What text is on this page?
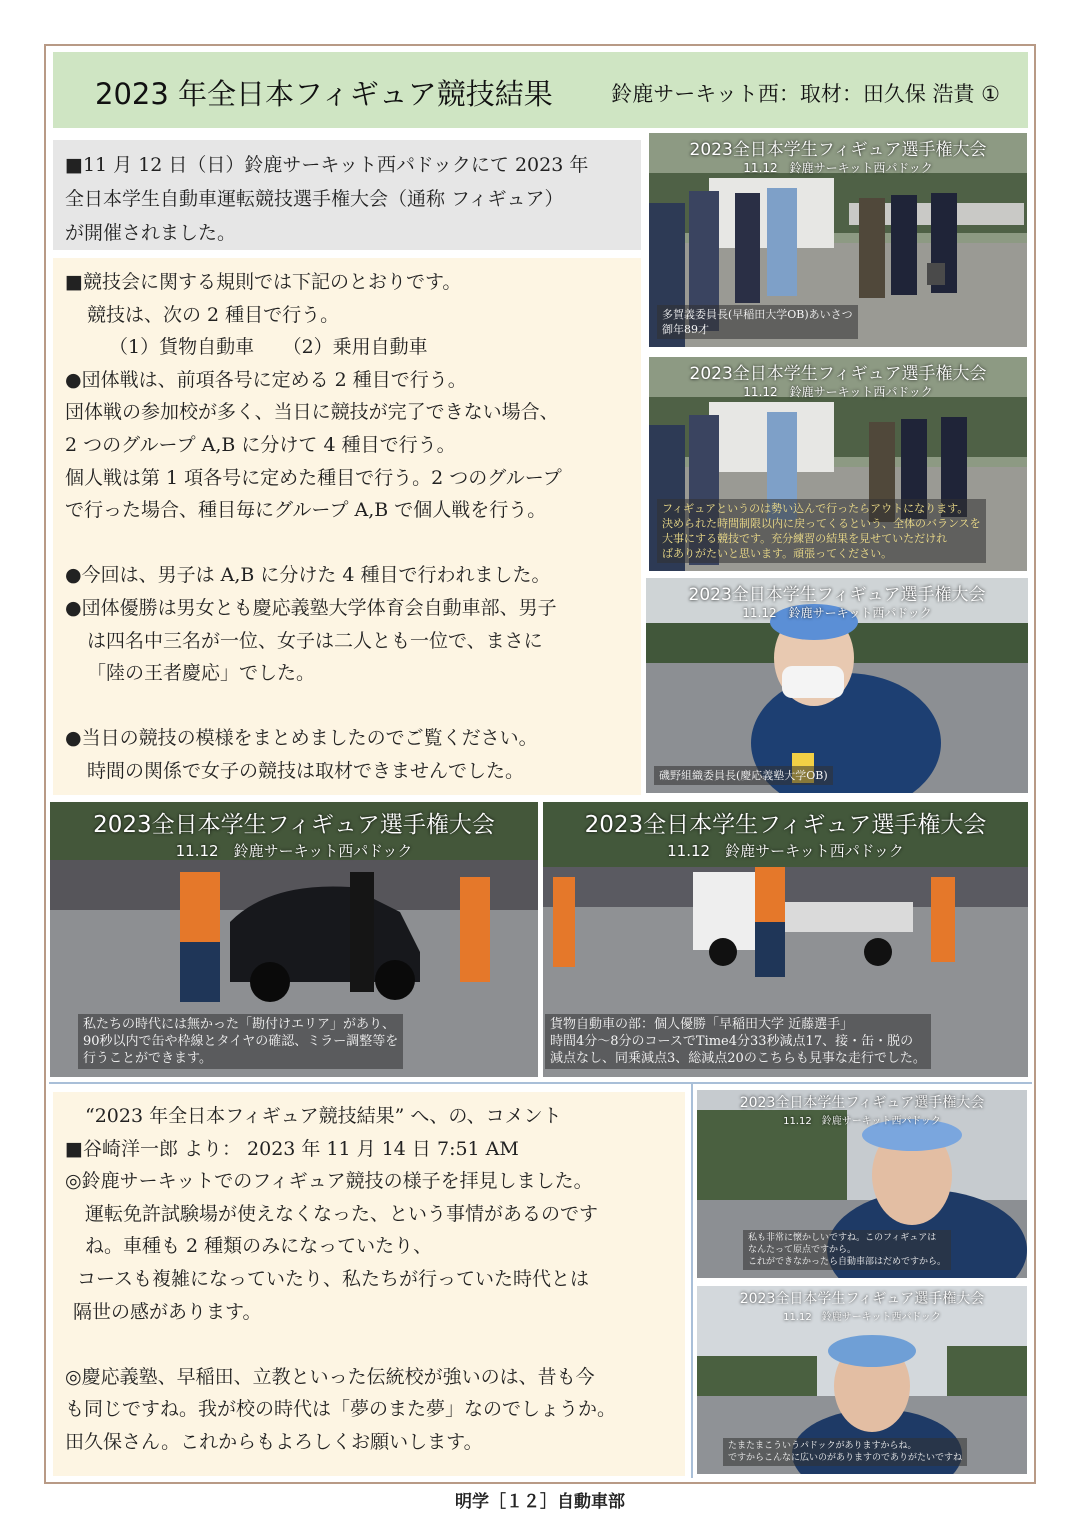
2023 年全日本フィギュア競技結果	鈴鹿サーキット西：取材：田久保 浩貴 ①

■11 月 12 日（日）鈴鹿サーキット西パドックにて 2023 年

全日本学生自動車運転競技選手権大会（通称 フィギュア）

が開催されました。

■競技会に関する規則では下記のとおりです。
競技は、次の 2 種目で行う。
（1）貨物自動車　　（2）乗用自動車
●団体戦は、前項各号に定める 2 種目で行う。
団体戦の参加校が多く、当日に競技が完了できない場合、
2 つのグループ A,B に分けて 4 種目で行う。
個人戦は第 1 項各号に定めた種目で行う。2 つのグループ
で行った場合、種目毎にグループ A,B で個人戦を行う。
●今回は、男子は A,B に分けた 4 種目で行われました。
●団体優勝は男女とも慶応義塾大学体育会自動車部、男子
は四名中三名が一位、女子は二人とも一位で、まさに
「陸の王者慶応」でした。
●当日の競技の模様をまとめましたのでご覧ください。
時間の関係で女子の競技は取材できませんでした。
2023全日本学生フィギュア選手権大会
11.12　鈴鹿サーキット西パドック
多賀義委員長(早稲田大学OB)あいさつ
御年89才
2023全日本学生フィギュア選手権大会
11.12　鈴鹿サーキット西パドック
フィギュアというのは勢い込んで行ったらアウトになります。
決められた時間制限以内に戻ってくるという、全体のバランスを
大事にする競技です。充分練習の結果を見せていただけれ
ばありがたいと思います。頑張ってください。
2023全日本学生フィギュア選手権大会
11.12　鈴鹿サーキット西パドック
磯野組織委員長(慶応義塾大学OB)
2023全日本学生フィギュア選手権大会
11.12　鈴鹿サーキット西パドック
私たちの時代には無かった「勘付けエリア」があり、
90秒以内で缶や枠線とタイヤの確認、ミラー調整等を
行うことができます。
2023全日本学生フィギュア選手権大会
11.12　鈴鹿サーキット西パドック
貨物自動車の部：個人優勝「早稲田大学 近藤選手」
時間4分～8分のコースでTime4分33秒減点17、接・缶・脱の
減点なし、同乗減点3、総減点20のこちらも見事な走行でした。
“2023 年全日本フィギュア競技結果” へ、の、コメント
■谷崎洋一郎 より： 2023 年 11 月 14 日 7:51 AM
◎鈴鹿サーキットでのフィギュア競技の様子を拝見しました。
運転免許試験場が使えなくなった、という事情があるのです
ね。車種も 2 種類のみになっていたり、
コースも複雑になっていたり、私たちが行っていた時代とは
隔世の感があります。
◎慶応義塾、早稲田、立教といった伝統校が強いのは、昔も今
も同じですね。我が校の時代は「夢のまた夢」なのでしょうか。
田久保さん。これからもよろしくお願いします。
2023全日本学生フィギュア選手権大会
11.12　鈴鹿サーキット西パドック
私も非常に懐かしいですね。このフィギュアは
なんたって原点ですから。
これができなかったら自動車部はだめですから。
2023全日本学生フィギュア選手権大会
11.12　鈴鹿サーキット西パドック
たまたまこういうパドックがありますからね。
ですからこんなに広いのがありますのでありがたいですね
明学［１２］自動車部
